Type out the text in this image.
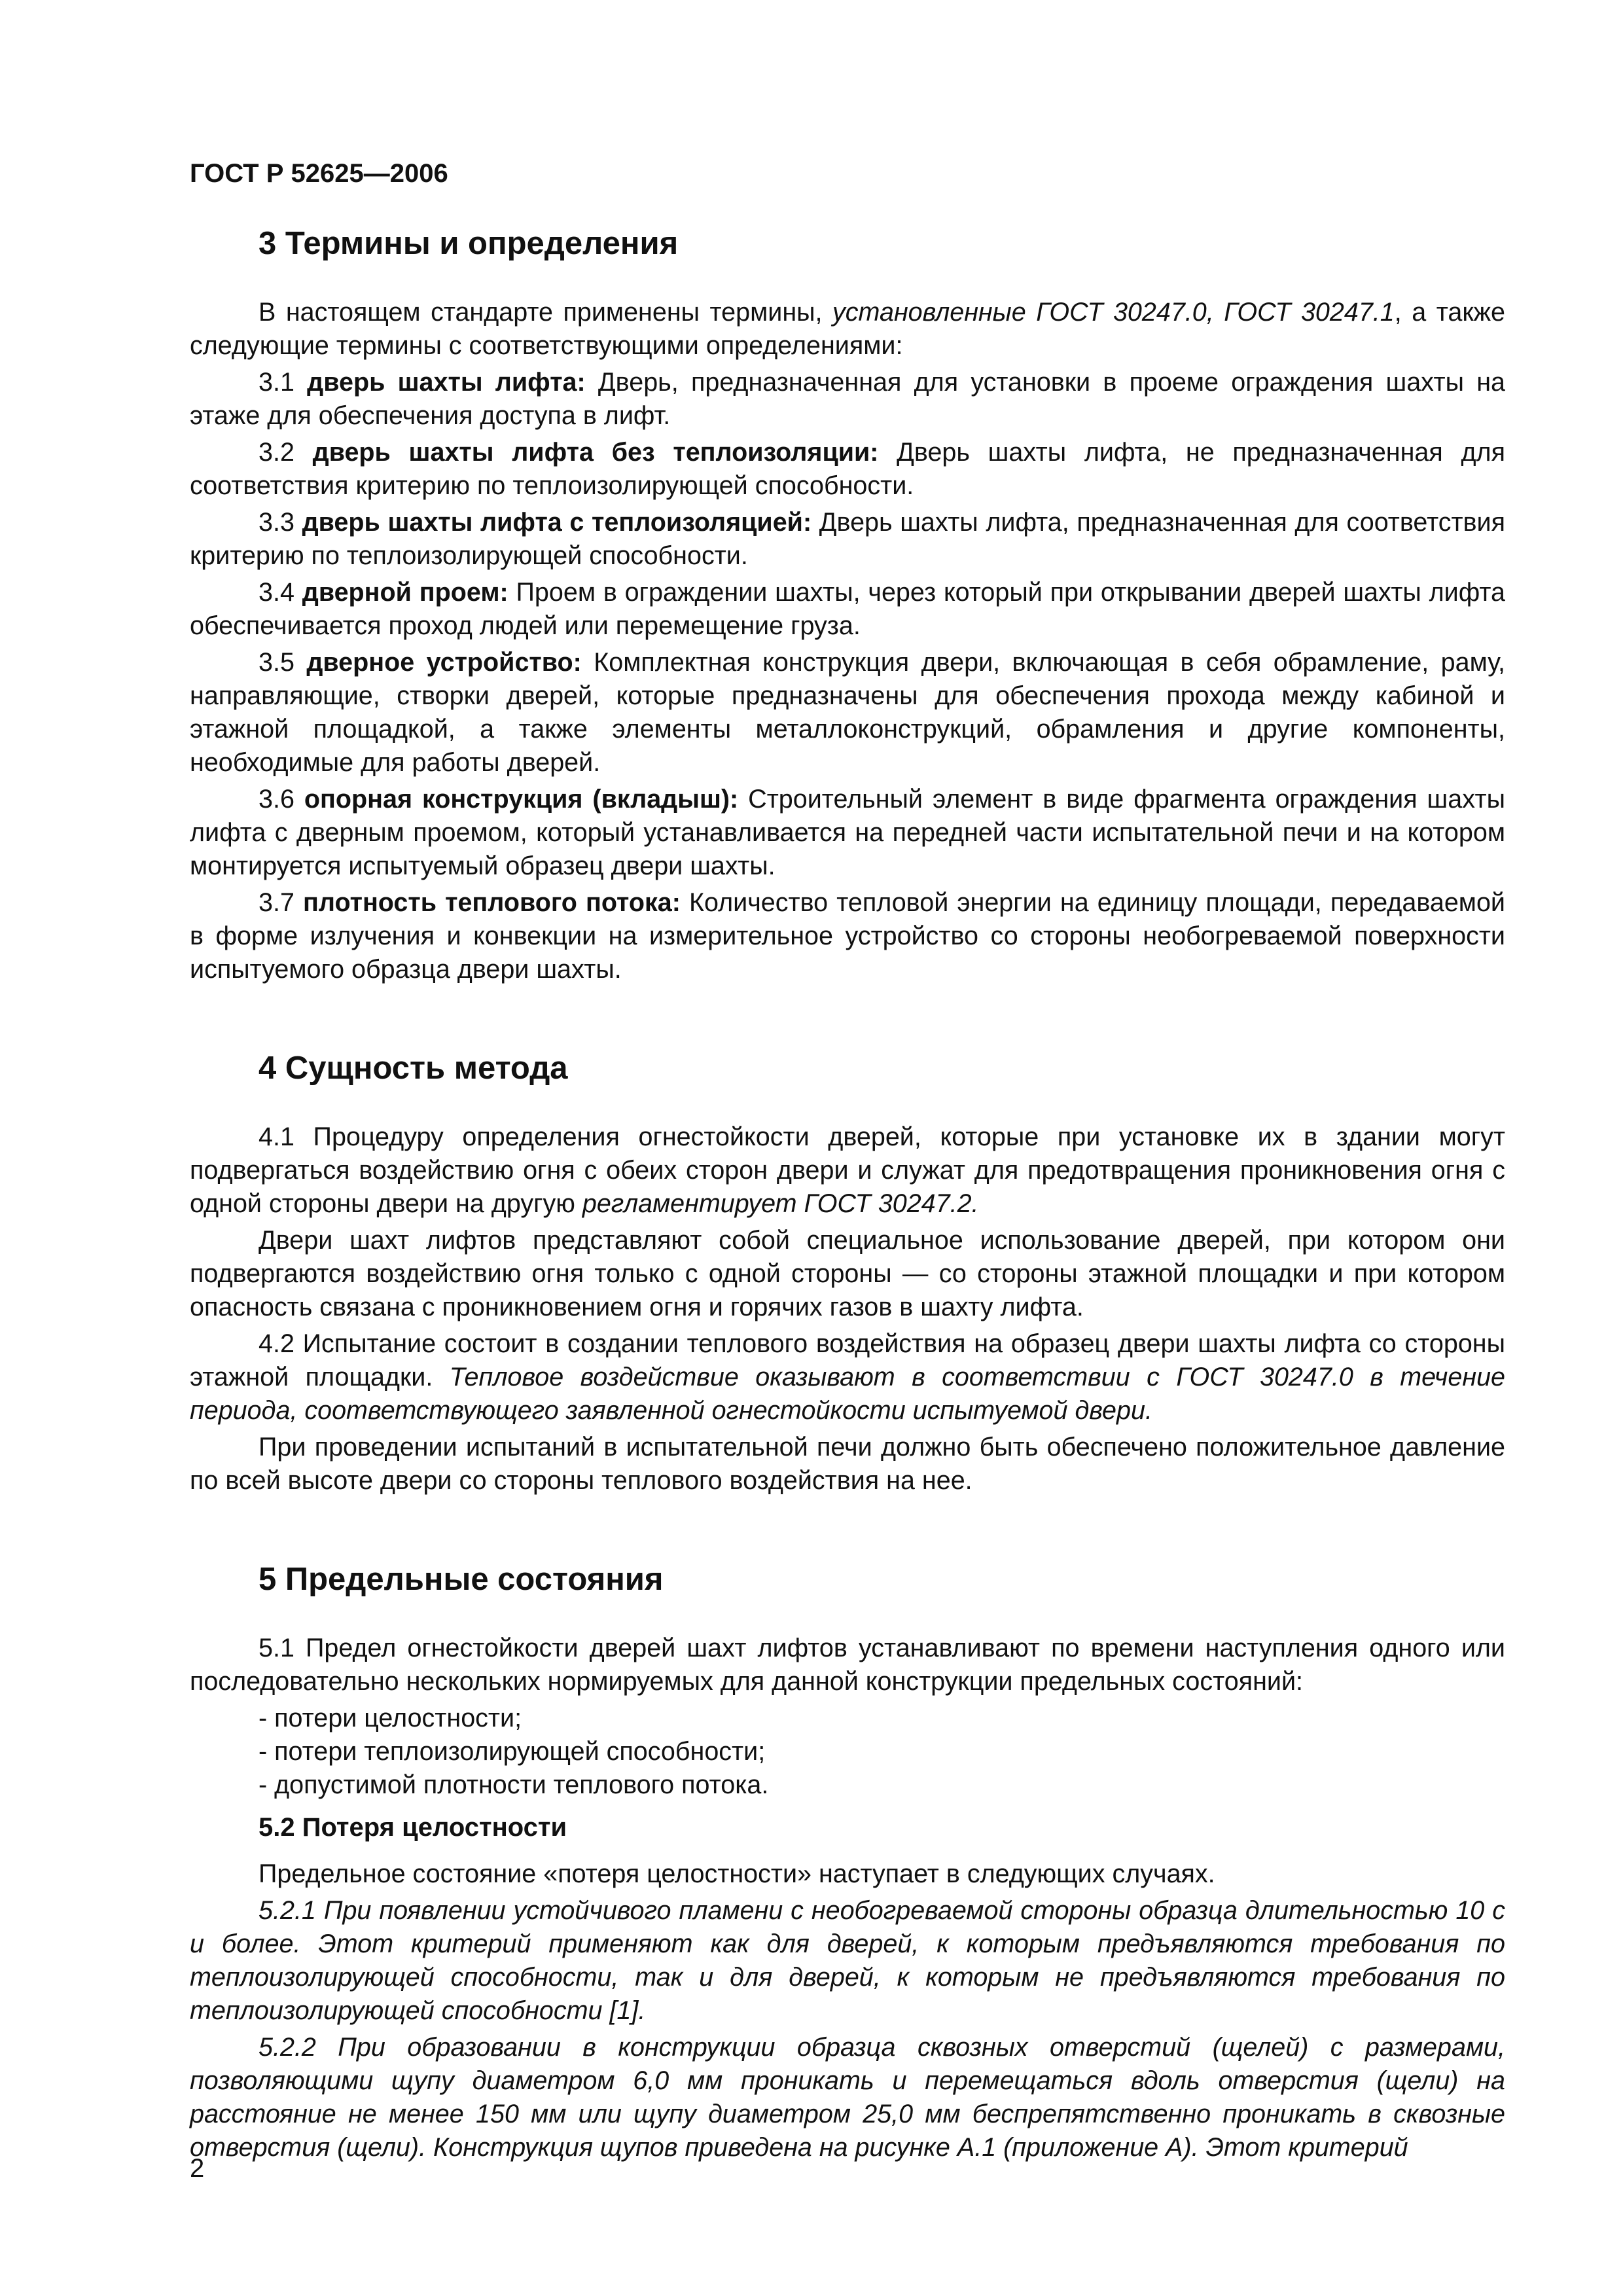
ГОСТ Р 52625—2006
3 Термины и определения

В настоящем стандарте применены термины, установленные ГОСТ 30247.0, ГОСТ 30247.1, а также следующие термины с соответствующими определениями:

3.1 дверь шахты лифта: Дверь, предназначенная для установки в проеме ограждения шахты на этаже для обеспечения доступа в лифт.

3.2 дверь шахты лифта без теплоизоляции: Дверь шахты лифта, не предназначенная для соответствия критерию по теплоизолирующей способности.

3.3 дверь шахты лифта с теплоизоляцией: Дверь шахты лифта, предназначенная для соответствия критерию по теплоизолирующей способности.

3.4 дверной проем: Проем в ограждении шахты, через который при открывании дверей шахты лифта обеспечивается проход людей или перемещение груза.

3.5 дверное устройство: Комплектная конструкция двери, включающая в себя обрамление, раму, направляющие, створки дверей, которые предназначены для обеспечения прохода между кабиной и этажной площадкой, а также элементы металлоконструкций, обрамления и другие компоненты, необходимые для работы дверей.

3.6 опорная конструкция (вкладыш): Строительный элемент в виде фрагмента ограждения шахты лифта с дверным проемом, который устанавливается на передней части испытательной печи и на котором монтируется испытуемый образец двери шахты.

3.7 плотность теплового потока: Количество тепловой энергии на единицу площади, передаваемой в форме излучения и конвекции на измерительное устройство со стороны необогреваемой поверхности испытуемого образца двери шахты.

4 Сущность метода

4.1 Процедуру определения огнестойкости дверей, которые при установке их в здании могут подвергаться воздействию огня с обеих сторон двери и служат для предотвращения проникновения огня с одной стороны двери на другую регламентирует ГОСТ 30247.2.

Двери шахт лифтов представляют собой специальное использование дверей, при котором они подвергаются воздействию огня только с одной стороны — со стороны этажной площадки и при котором опасность связана с проникновением огня и горячих газов в шахту лифта.

4.2 Испытание состоит в создании теплового воздействия на образец двери шахты лифта со стороны этажной площадки. Тепловое воздействие оказывают в соответствии с ГОСТ 30247.0 в течение периода, соответствующего заявленной огнестойкости испытуемой двери.

При проведении испытаний в испытательной печи должно быть обеспечено положительное давление по всей высоте двери со стороны теплового воздействия на нее.

5 Предельные состояния

5.1 Предел огнестойкости дверей шахт лифтов устанавливают по времени наступления одного или последовательно нескольких нормируемых для данной конструкции предельных состояний:

- потери целостности;
- потери теплоизолирующей способности;
- допустимой плотности теплового потока.
5.2 Потеря целостности

Предельное состояние «потеря целостности» наступает в следующих случаях.

5.2.1 При появлении устойчивого пламени с необогреваемой стороны образца длительностью 10 с и более. Этот критерий применяют как для дверей, к которым предъявляются требования по теплоизолирующей способности, так и для дверей, к которым не предъявляются требования по теплоизолирующей способности [1].

5.2.2 При образовании в конструкции образца сквозных отверстий (щелей) с размерами, позволяющими щупу диаметром 6,0 мм проникать и перемещаться вдоль отверстия (щели) на расстояние не менее 150 мм или щупу диаметром 25,0 мм беспрепятственно проникать в сквозные отверстия (щели). Конструкция щупов приведена на рисунке А.1 (приложение А). Этот критерий

2
